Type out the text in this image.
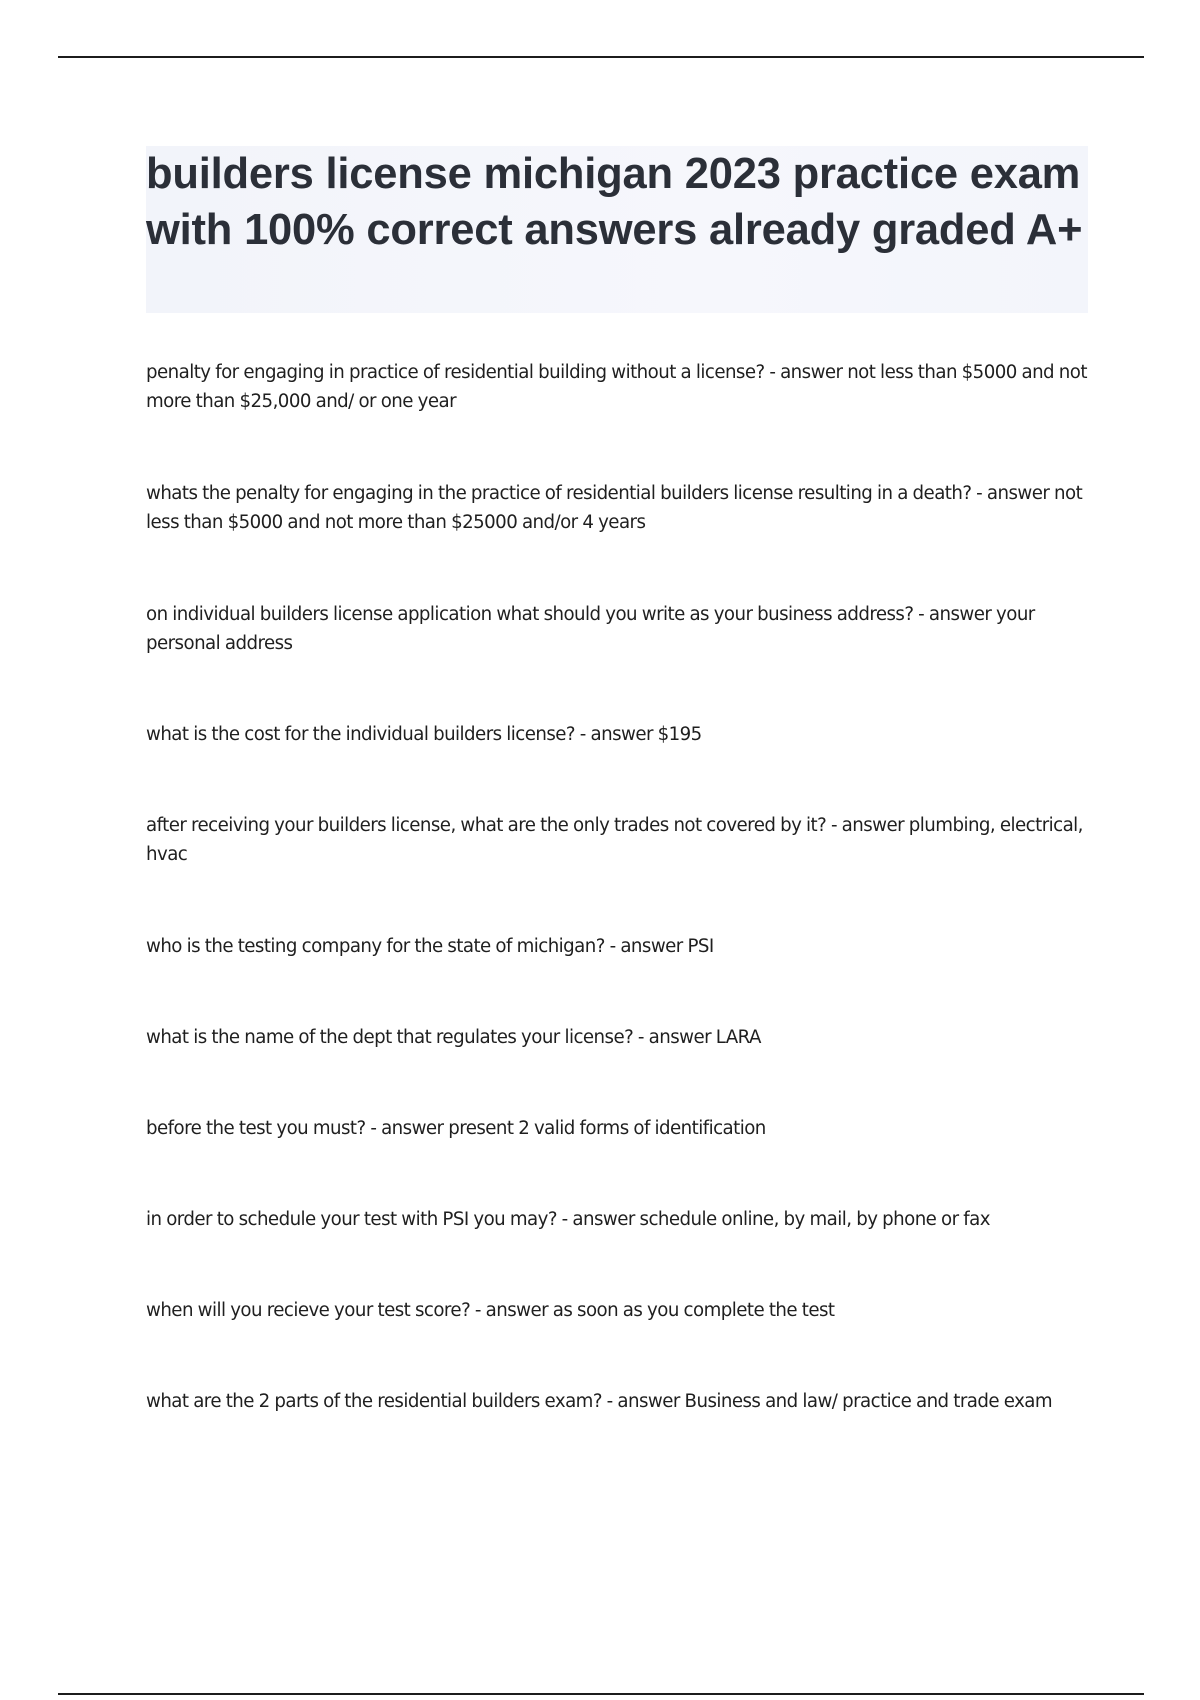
builders license michigan 2023 practice exam with 100% correct answers already graded A+
penalty for engaging in practice of residential building without a license? - answer not less than $5000 and not more than $25,000 and/ or one year
whats the penalty for engaging in the practice of residential builders license resulting in a death? - answer not less than $5000 and not more than $25000 and/or 4 years
on individual builders license application what should you write as your business address? - answer your personal address
what is the cost for the individual builders license? - answer $195
after receiving your builders license, what are the only trades not covered by it? - answer plumbing, electrical, hvac
who is the testing company for the state of michigan? - answer PSI
what is the name of the dept that regulates your license? - answer LARA
before the test you must? - answer present 2 valid forms of identification
in order to schedule your test with PSI you may? - answer schedule online, by mail, by phone or fax
when will you recieve your test score? - answer as soon as you complete the test
what are the 2 parts of the residential builders exam? - answer Business and law/ practice and trade exam
